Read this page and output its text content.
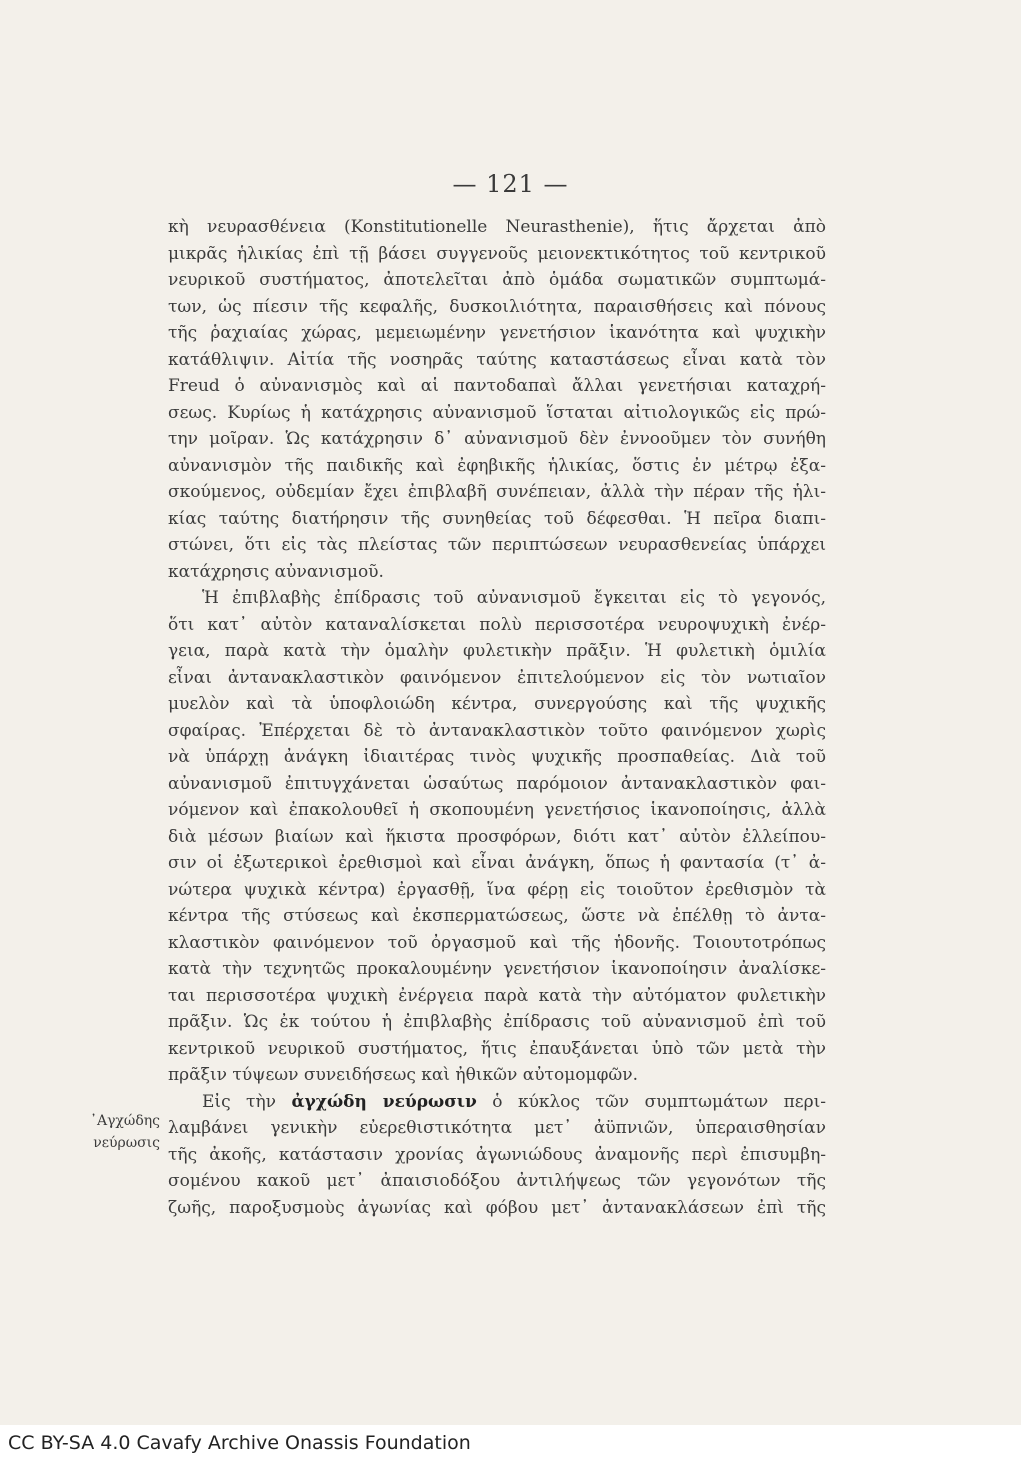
— 121 —
᾽Αγχώδης
νεύρωσις
κὴ νευρασθένεια (Konstitutionelle Neurasthenie), ἥτις ἄρχεται ἀπὸ
μικρᾶς ἡλικίας ἐπὶ τῇ βάσει συγγενοῦς μειονεκτικότητος τοῦ κεντρικοῦ
νευρικοῦ συστήματος, ἀποτελεῖται ἀπὸ ὁμάδα σωματικῶν συμπτωμά-
των, ὡς πίεσιν τῆς κεφαλῆς, δυσκοιλιότητα, παραισθήσεις καὶ πόνους
τῆς ῥαχιαίας χώρας, μεμειωμένην γενετήσιον ἱκανότητα καὶ ψυχικὴν
κατάθλιψιν. Αἰτία τῆς νοσηρᾶς ταύτης καταστάσεως εἶναι κατὰ τὸν
Freud ὁ αὐνανισμὸς καὶ αἱ παντοδαπαὶ ἄλλαι γενετήσιαι καταχρή-
σεως. Κυρίως ἡ κατάχρησις αὐνανισμοῦ ἵσταται αἰτιολογικῶς εἰς πρώ-
την μοῖραν. Ὡς κατάχρησιν δ᾽ αὐνανισμοῦ δὲν ἐννοοῦμεν τὸν συνήθη
αὐνανισμὸν τῆς παιδικῆς καὶ ἐφηβικῆς ἡλικίας, ὅστις ἐν μέτρῳ ἐξα-
σκούμενος, οὐδεμίαν ἔχει ἐπιβλαβῆ συνέπειαν, ἀλλὰ τὴν πέραν τῆς ἡλι-
κίας ταύτης διατήρησιν τῆς συνηθείας τοῦ δέφεσθαι. Ἡ πεῖρα διαπι-
στώνει, ὅτι εἰς τὰς πλείστας τῶν περιπτώσεων νευρασθενείας ὑπάρχει
κατάχρησις αὐνανισμοῦ.
Ἡ ἐπιβλαβὴς ἐπίδρασις τοῦ αὐνανισμοῦ ἔγκειται εἰς τὸ γεγονός,
ὅτι κατ᾽ αὐτὸν καταναλίσκεται πολὺ περισσοτέρα νευροψυχικὴ ἐνέρ-
γεια, παρὰ κατὰ τὴν ὁμαλὴν φυλετικὴν πρᾶξιν. Ἡ φυλετικὴ ὁμιλία
εἶναι ἀντανακλαστικὸν φαινόμενον ἐπιτελούμενον εἰς τὸν νωτιαῖον
μυελὸν καὶ τὰ ὑποφλοιώδη κέντρα, συνεργούσης καὶ τῆς ψυχικῆς
σφαίρας. Ἐπέρχεται δὲ τὸ ἀντανακλαστικὸν τοῦτο φαινόμενον χωρὶς
νὰ ὑπάρχῃ ἀνάγκη ἰδιαιτέρας τινὸς ψυχικῆς προσπαθείας. Διὰ τοῦ
αὐνανισμοῦ ἐπιτυγχάνεται ὡσαύτως παρόμοιον ἀντανακλαστικὸν φαι-
νόμενον καὶ ἐπακολουθεῖ ἡ σκοπουμένη γενετήσιος ἱκανοποίησις, ἀλλὰ
διὰ μέσων βιαίων καὶ ἥκιστα προσφόρων, διότι κατ᾽ αὐτὸν ἐλλείπου-
σιν οἱ ἐξωτερικοὶ ἐρεθισμοὶ καὶ εἶναι ἀνάγκη, ὅπως ἡ φαντασία (τ᾽ ἀ-
νώτερα ψυχικὰ κέντρα) ἐργασθῇ, ἵνα φέρῃ εἰς τοιοῦτον ἐρεθισμὸν τὰ
κέντρα τῆς στύσεως καὶ ἐκσπερματώσεως, ὥστε νὰ ἐπέλθῃ τὸ ἀντα-
κλαστικὸν φαινόμενον τοῦ ὀργασμοῦ καὶ τῆς ἡδονῆς. Τοιουτοτρόπως
κατὰ τὴν τεχνητῶς προκαλουμένην γενετήσιον ἱκανοποίησιν ἀναλίσκε-
ται περισσοτέρα ψυχικὴ ἐνέργεια παρὰ κατὰ τὴν αὐτόματον φυλετικὴν
πρᾶξιν. Ὡς ἐκ τούτου ἡ ἐπιβλαβὴς ἐπίδρασις τοῦ αὐνανισμοῦ ἐπὶ τοῦ
κεντρικοῦ νευρικοῦ συστήματος, ἥτις ἐπαυξάνεται ὑπὸ τῶν μετὰ τὴν
πρᾶξιν τύψεων συνειδήσεως καὶ ἠθικῶν αὐτομομφῶν.
Εἰς τὴν ἀγχώδη νεύρωσιν ὁ κύκλος τῶν συμπτωμάτων περι-
λαμβάνει γενικὴν εὐερεθιστικότητα μετ᾽ ἀϋπνιῶν, ὑπεραισθησίαν
τῆς ἀκοῆς, κατάστασιν χρονίας ἀγωνιώδους ἀναμονῆς περὶ ἐπισυμβη-
σομένου κακοῦ μετ᾽ ἀπαισιοδόξου ἀντιλήψεως τῶν γεγονότων τῆς
ζωῆς, παροξυσμοὺς ἀγωνίας καὶ φόβου μετ᾽ ἀντανακλάσεων ἐπὶ τῆς
CC BY-SA 4.0 Cavafy Archive Onassis Foundation
